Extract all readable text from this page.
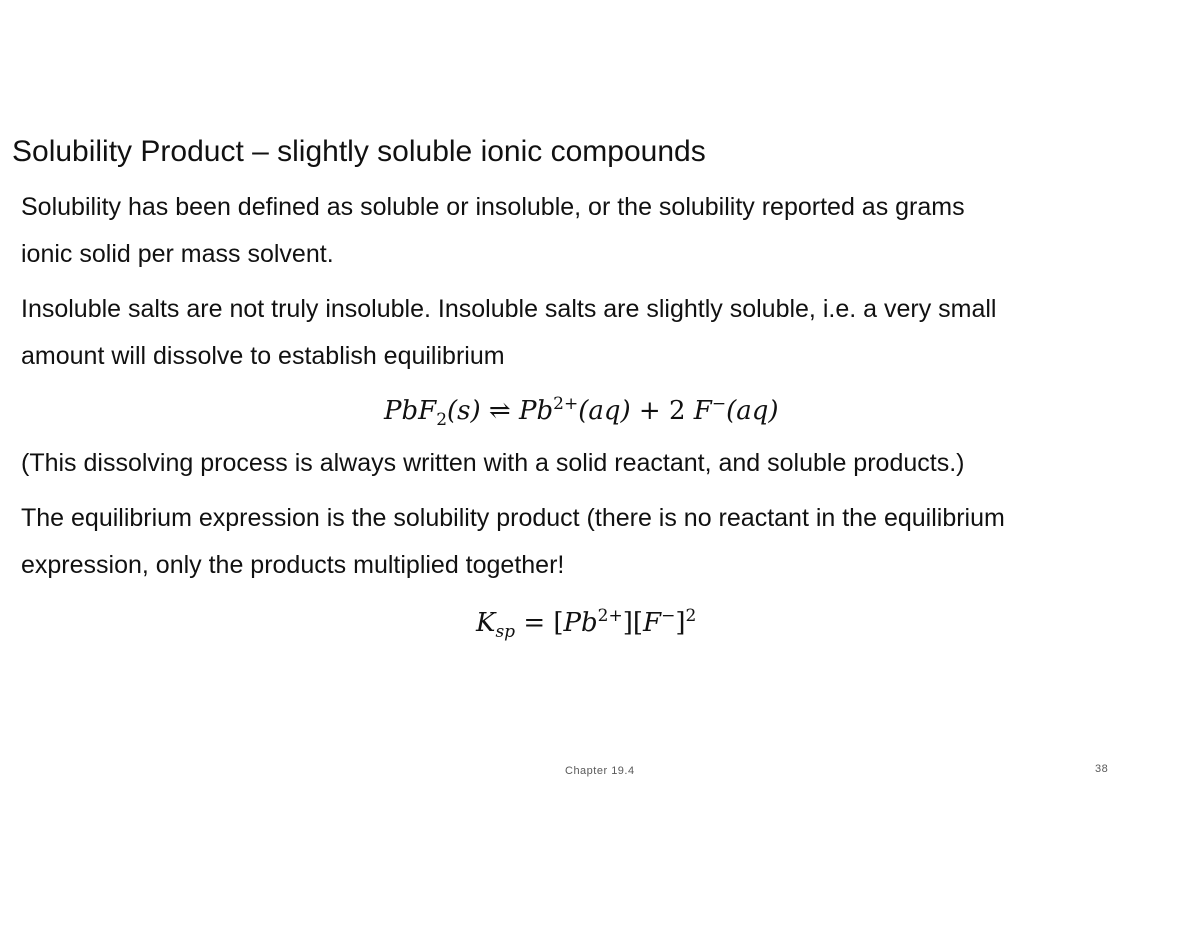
Solubility Product – slightly soluble ionic compounds
Solubility has been defined as soluble or insoluble, or the solubility reported as grams
ionic solid per mass solvent.
Insoluble salts are not truly insoluble. Insoluble salts are slightly soluble, i.e. a very small
amount will dissolve to establish equilibrium
PbF$_2$(s) ⇌ $Pb^{2+}(aq) + 2$ F−(aq)
(This dissolving process is always written with a solid reactant, and soluble products.)
The equilibrium expression is the solubility product (there is no reactant in the equilibrium
expression, only the products multiplied together!
$K_{sp} = [Pb^{2+}][F^-]^2$
Chapter 19.4	38
